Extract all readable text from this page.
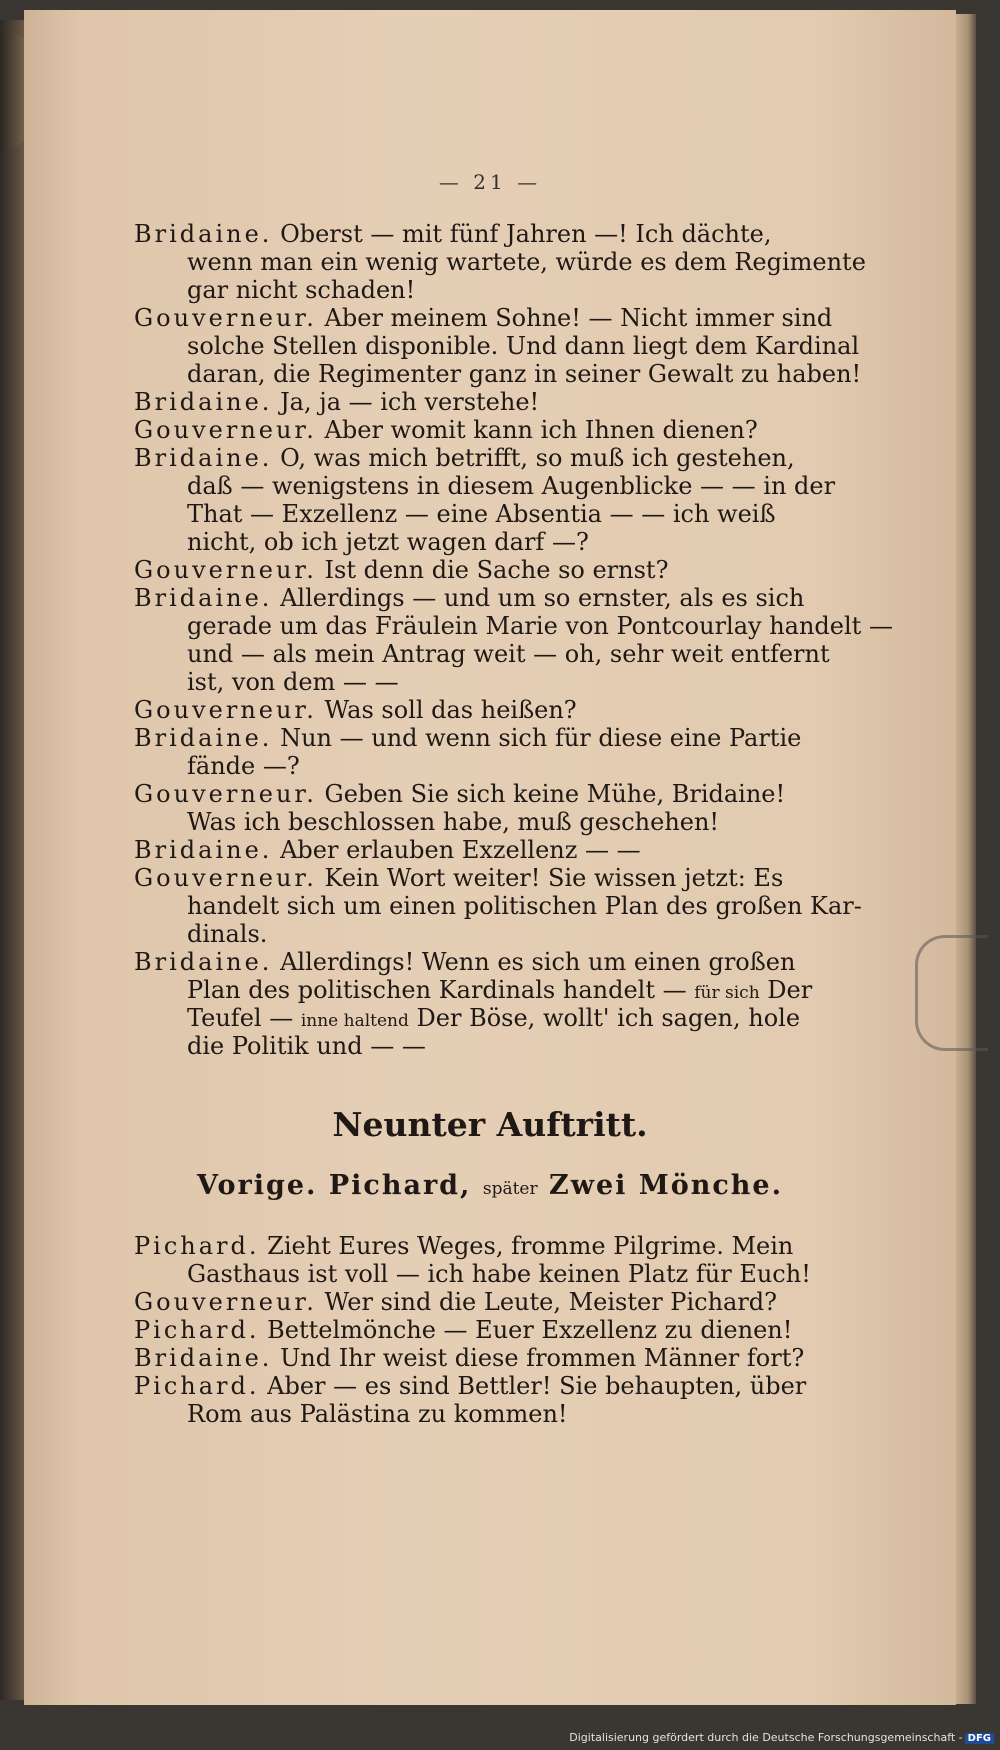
— 21 —
Bridaine. Oberst — mit fünf Jahren —! Ich dächte,
wenn man ein wenig wartete, würde es dem Regimente
gar nicht schaden!
Gouverneur. Aber meinem Sohne! — Nicht immer sind
solche Stellen disponible. Und dann liegt dem Kardinal
daran, die Regimenter ganz in seiner Gewalt zu haben!
Bridaine. Ja, ja — ich verstehe!
Gouverneur. Aber womit kann ich Ihnen dienen?
Bridaine. O, was mich betrifft, so muß ich gestehen,
daß — wenigstens in diesem Augenblicke — — in der
That — Exzellenz — eine Absentia — — ich weiß
nicht, ob ich jetzt wagen darf —?
Gouverneur. Ist denn die Sache so ernst?
Bridaine. Allerdings — und um so ernster, als es sich
gerade um das Fräulein Marie von Pontcourlay handelt —
und — als mein Antrag weit — oh, sehr weit entfernt
ist, von dem — —
Gouverneur. Was soll das heißen?
Bridaine. Nun — und wenn sich für diese eine Partie
fände —?
Gouverneur. Geben Sie sich keine Mühe, Bridaine!
Was ich beschlossen habe, muß geschehen!
Bridaine. Aber erlauben Exzellenz — —
Gouverneur. Kein Wort weiter! Sie wissen jetzt: Es
handelt sich um einen politischen Plan des großen Kar-
dinals.
Bridaine. Allerdings! Wenn es sich um einen großen
Plan des politischen Kardinals handelt — für sich Der
Teufel — inne haltend Der Böse, wollt' ich sagen, hole
die Politik und — —
Neunter Auftritt.
Vorige. Pichard, später Zwei Mönche.
Pichard. Zieht Eures Weges, fromme Pilgrime. Mein
Gasthaus ist voll — ich habe keinen Platz für Euch!
Gouverneur. Wer sind die Leute, Meister Pichard?
Pichard. Bettelmönche — Euer Exzellenz zu dienen!
Bridaine. Und Ihr weist diese frommen Männer fort?
Pichard. Aber — es sind Bettler! Sie behaupten, über
Rom aus Palästina zu kommen!
Digitalisierung gefördert durch die Deutsche Forschungsgemeinschaft - DFG
